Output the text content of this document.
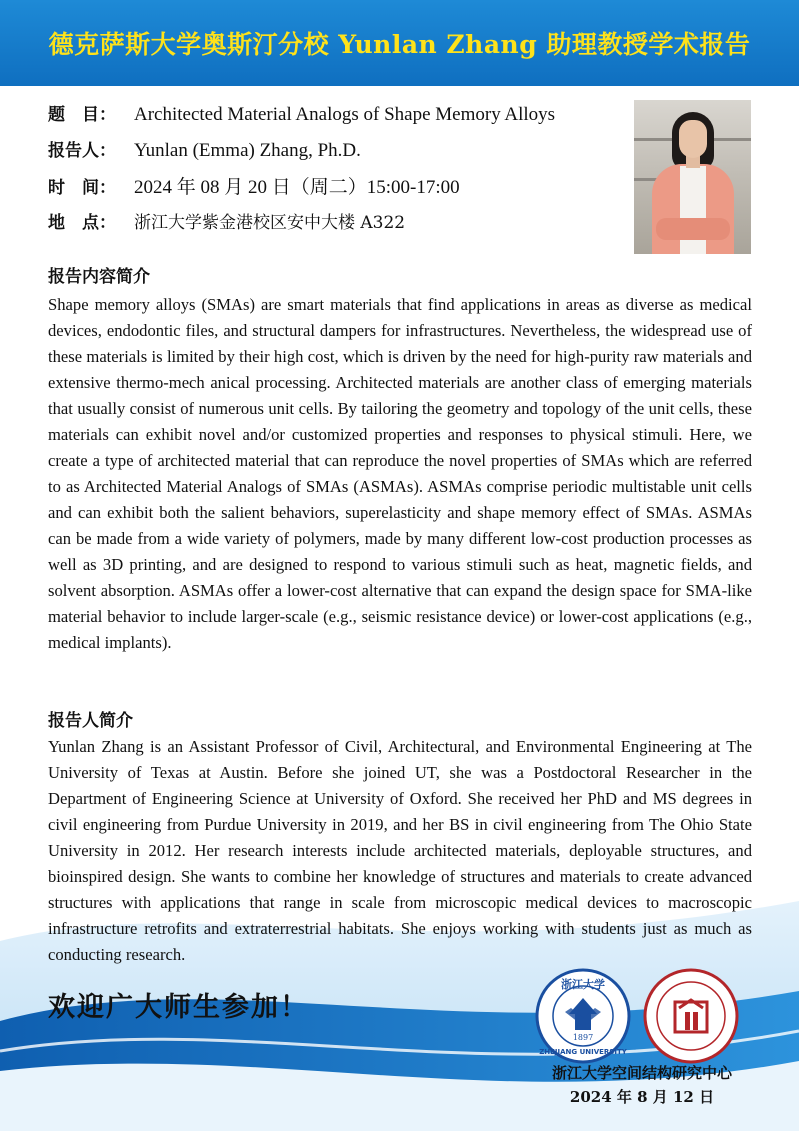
德克萨斯大学奥斯汀分校 Yunlan Zhang 助理教授学术报告
题　目： Architected Material Analogs of Shape Memory Alloys
报告人： Yunlan (Emma) Zhang, Ph.D.
时　间： 2024 年 08 月 20 日（周二）15:00-17:00
地　点：	浙江大学紫金港校区安中大楼 A322
报告内容简介
Shape memory alloys (SMAs) are smart materials that find applications in areas as diverse as medical devices, endodontic files, and structural dampers for infrastructures. Nevertheless, the widespread use of these materials is limited by their high cost, which is driven by the need for high-purity raw materials and extensive thermo-mech anical processing. Architected materials are another class of emerging materials that usually consist of numerous unit cells. By tailoring the geometry and topology of the unit cells, these materials can exhibit novel and/or customized properties and responses to physical stimuli. Here, we create a type of architected material that can reproduce the novel properties of SMAs which are referred to as Architected Material Analogs of SMAs (ASMAs). ASMAs comprise periodic multistable unit cells and can exhibit both the salient behaviors, superelasticity and shape memory effect of SMAs. ASMAs can be made from a wide variety of polymers, made by many different low-cost production processes as well as 3D printing, and are designed to respond to various stimuli such as heat, magnetic fields, and solvent absorption. ASMAs offer a lower-cost alternative that can expand the design space for SMA-like material behavior to include larger-scale (e.g., seismic resistance device) or lower-cost applications (e.g., medical implants).
报告人简介
Yunlan Zhang is an Assistant Professor of Civil, Architectural, and Environmental Engineering at The University of Texas at Austin. Before she joined UT, she was a Postdoctoral Researcher in the Department of Engineering Science at University of Oxford. She received her PhD and MS degrees in civil engineering from Purdue University in 2019, and her BS in civil engineering from The Ohio State University in 2012. Her research interests include architected materials, deployable structures, and bioinspired design. She wants to combine her knowledge of structures and materials to create advanced structures with applications that range in scale from microscopic medical devices to macroscopic infrastructure retrofits and extraterrestrial habitats. She enjoys working with students just as much as conducting research.
欢迎广大师生参加！
浙江大学
1897
ZHEJIANG UNIVERSITY
浙江大学空间结构研究中心
2024 年 8 月 12 日
